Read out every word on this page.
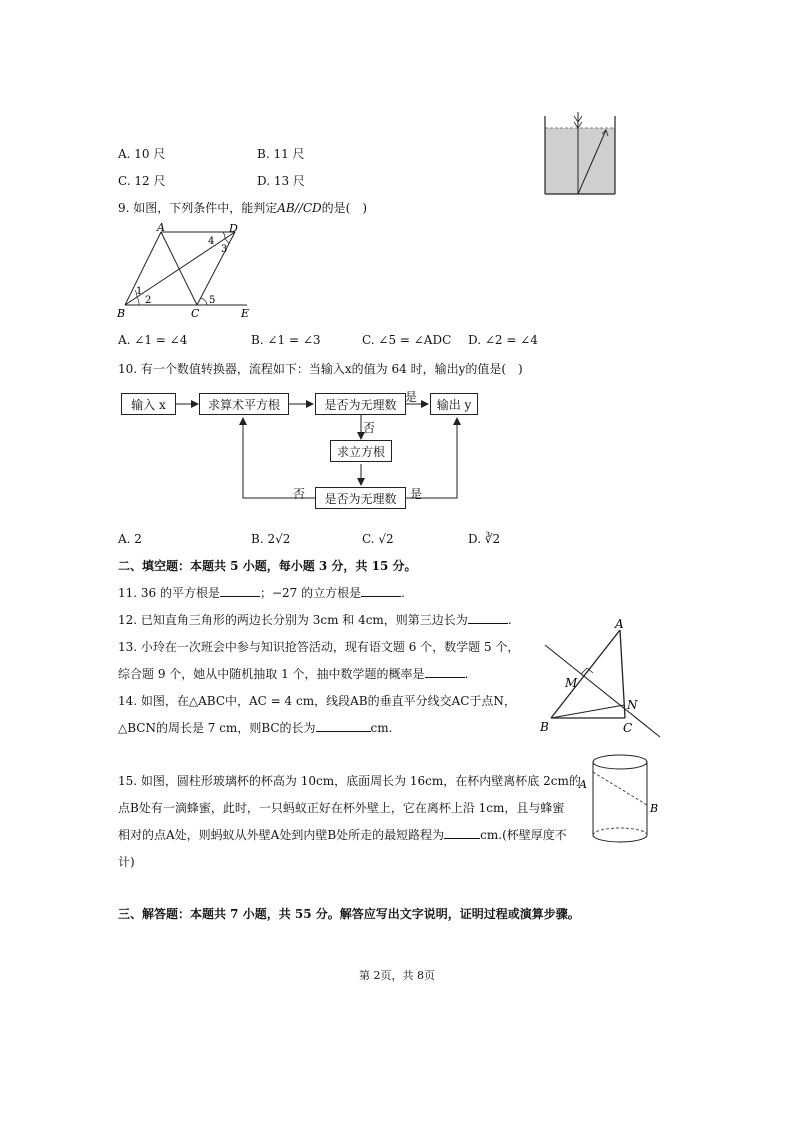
A. 10 尺	B. 11 尺
C. 12 尺	D. 13 尺
9. 如图，下列条件中，能判定AB//CD的是(　)
A	D
B	C	E
1
2
3
4
5
A. ∠1 = ∠4	B. ∠1 = ∠3	C. ∠5 = ∠ADC D. ∠2 = ∠4
10. 有一个数值转换器，流程如下：当输入x的值为 64 时，输出y的值是(　)
输入 x	求算术平方根	是否为无理数	输出 y
求立方根
是否为无理数
是
否
否	是
A. 2	B. 2√2	C. √2	D. ∛2
二、填空题：本题共 5 小题，每小题 3 分，共 15 分。
11. 36 的平方根是	；−27 的立方根是	.
12. 已知直角三角形的两边长分别为 3cm 和 4cm，则第三边长为	.
13. 小玲在一次班会中参与知识抢答活动，现有语文题 6 个，数学题 5 个，
综合题 9 个，她从中随机抽取 1 个，抽中数学题的概率是	.
14. 如图，在△ABC中，AC = 4 cm，线段AB的垂直平分线交AC于点N，
△BCN的周长是 7 cm，则BC的长为	cm.
A
M
N
B	C
15. 如图，圆柱形玻璃杯的杯高为 10cm，底面周长为 16cm，在杯内壁离杯底 2cm的
点B处有一滴蜂蜜，此时，一只蚂蚁正好在杯外壁上，它在离杯上沿 1cm，且与蜂蜜
相对的点A处，则蚂蚁从外壁A处到内壁B处所走的最短路程为	cm.(杯壁厚度不
计)
A
B
三、解答题：本题共 7 小题，共 55 分。解答应写出文字说明，证明过程或演算步骤。
第 2页，共 8页
